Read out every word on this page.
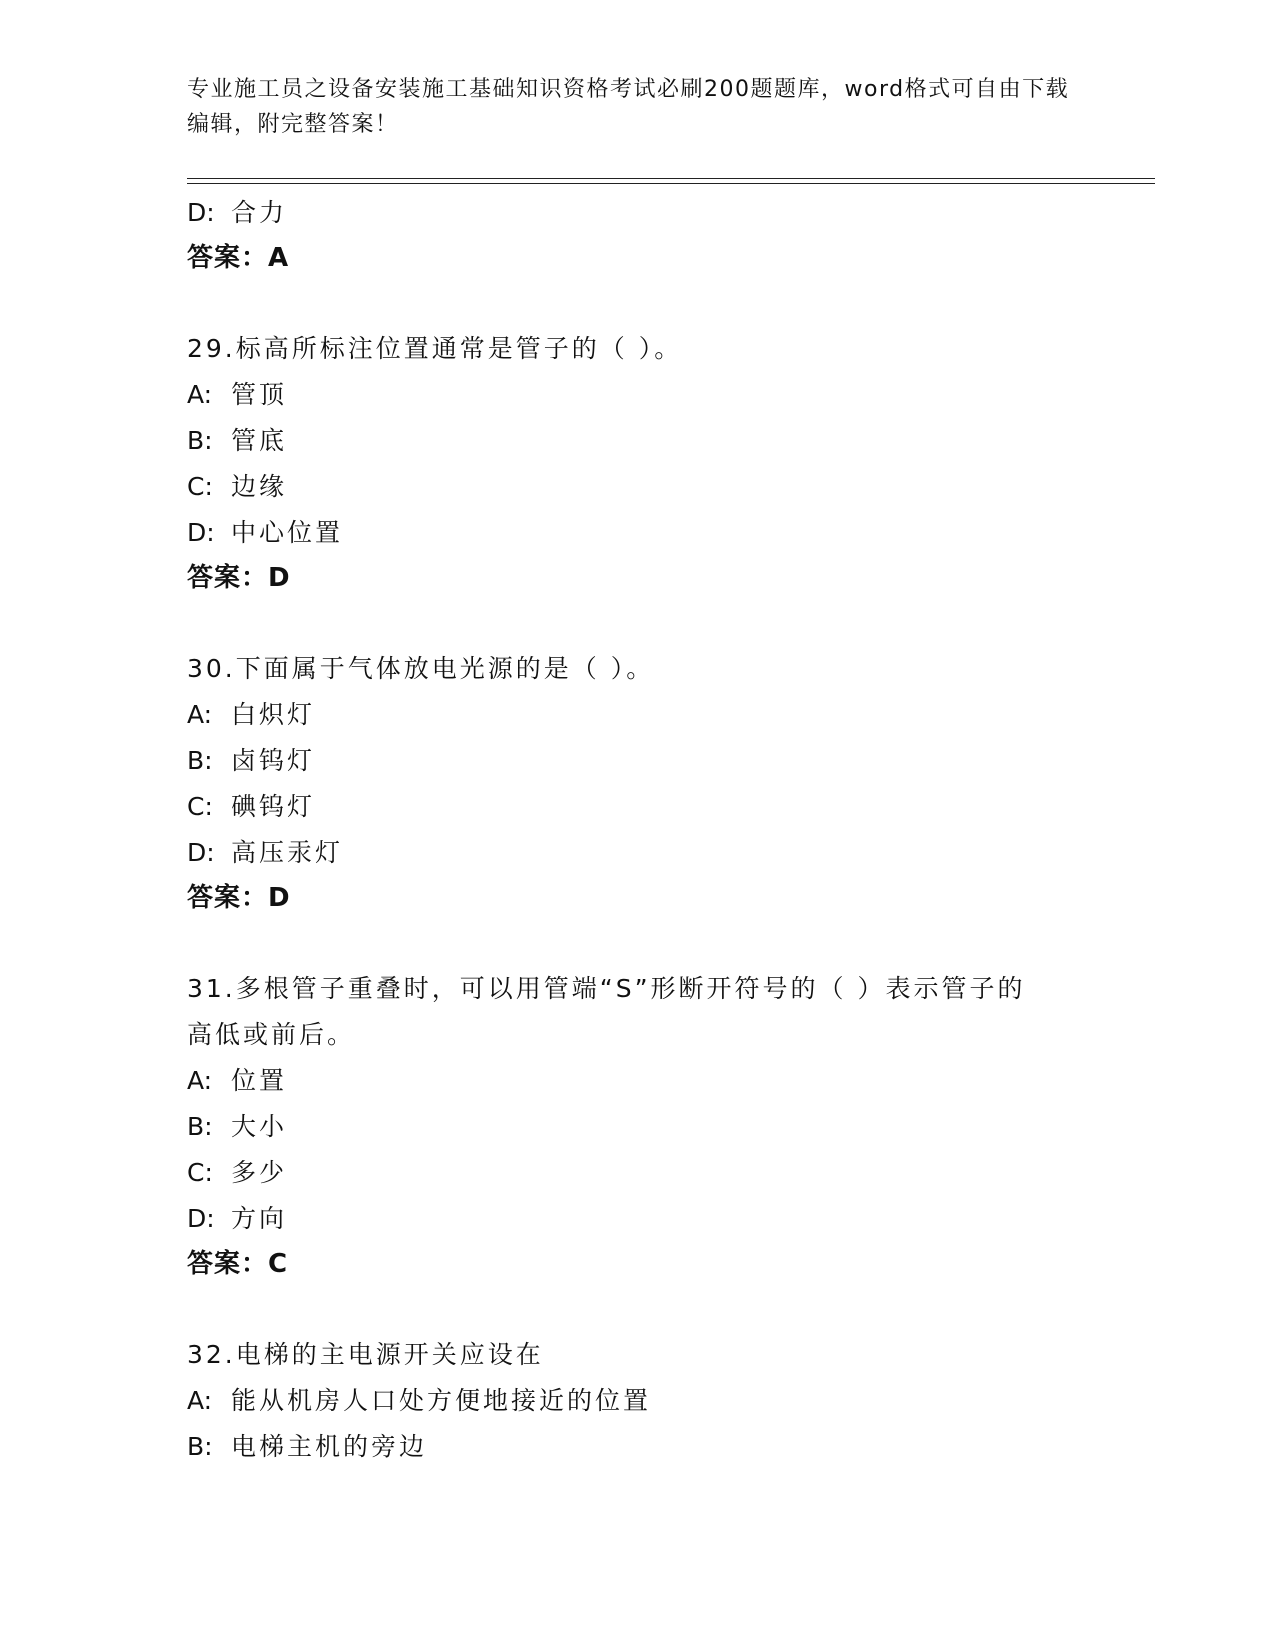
专业施工员之设备安装施工基础知识资格考试必刷200题题库，word格式可自由下载编辑，附完整答案！
D: 合力
答案：A
29.标高所标注位置通常是管子的（ ）。
A: 管顶
B: 管底
C: 边缘
D: 中心位置
答案：D
30.下面属于气体放电光源的是（ ）。
A: 白炽灯
B: 卤钨灯
C: 碘钨灯
D: 高压汞灯
答案：D
31.多根管子重叠时，可以用管端“S”形断开符号的（ ）表示管子的
高低或前后。
A: 位置
B: 大小
C: 多少
D: 方向
答案：C
32.电梯的主电源开关应设在
A: 能从机房人口处方便地接近的位置
B: 电梯主机的旁边
